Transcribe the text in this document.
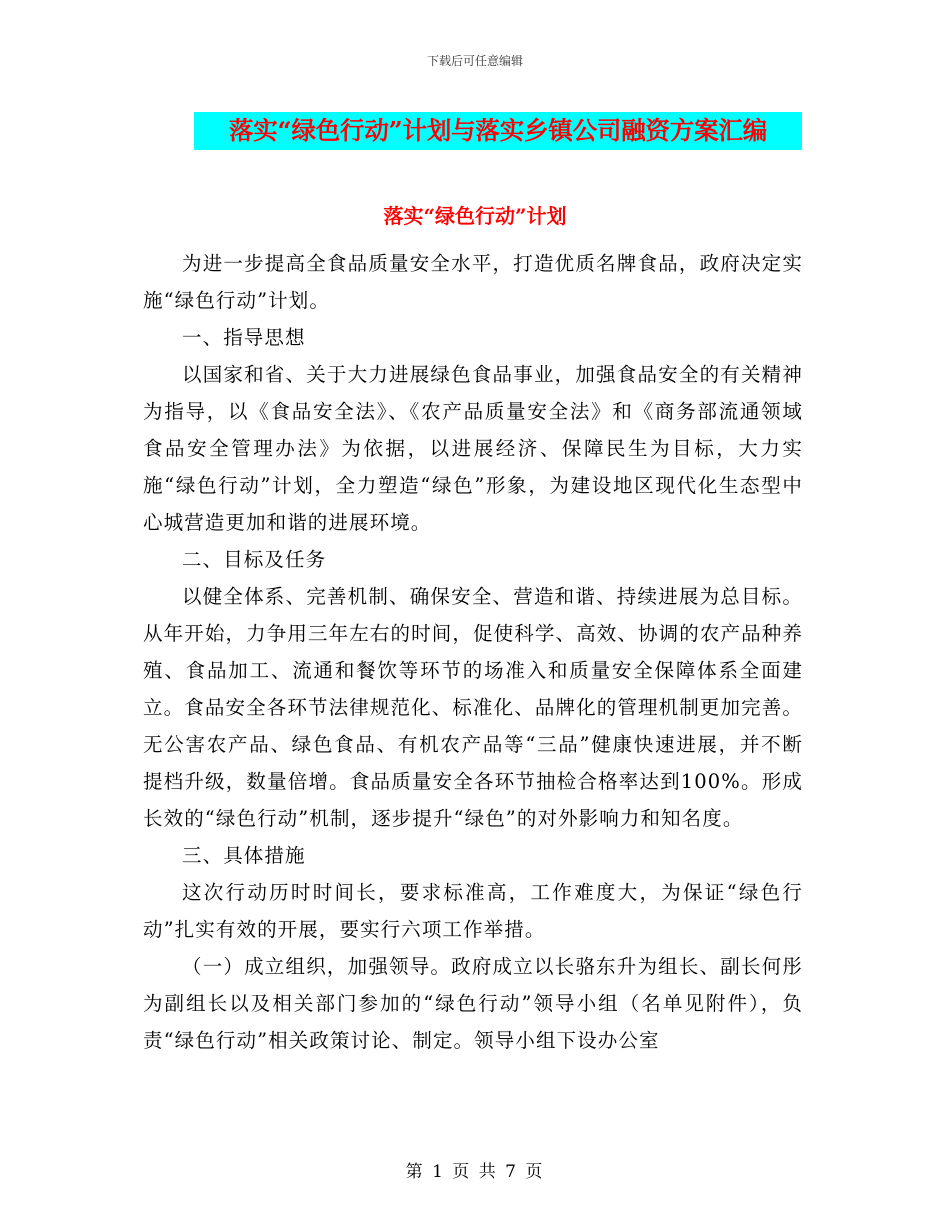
下载后可任意编辑
落实“绿色行动”计划与落实乡镇公司融资方案汇编
落实“绿色行动”计划

为进一步提高全食品质量安全水平，打造优质名牌食品，政府决定实施“绿色行动”计划。

一、指导思想

以国家和省、关于大力进展绿色食品事业，加强食品安全的有关精神为指导，以《食品安全法》、《农产品质量安全法》和《商务部流通领域食品安全管理办法》为依据，以进展经济、保障民生为目标，大力实施“绿色行动”计划，全力塑造“绿色”形象，为建设地区现代化生态型中心城营造更加和谐的进展环境。

二、目标及任务

以健全体系、完善机制、确保安全、营造和谐、持续进展为总目标。从年开始，力争用三年左右的时间，促使科学、高效、协调的农产品种养殖、食品加工、流通和餐饮等环节的场准入和质量安全保障体系全面建立。食品安全各环节法律规范化、标准化、品牌化的管理机制更加完善。无公害农产品、绿色食品、有机农产品等“三品”健康快速进展，并不断提档升级，数量倍增。食品质量安全各环节抽检合格率达到100%。形成长效的“绿色行动”机制，逐步提升“绿色”的对外影响力和知名度。

三、具体措施

这次行动历时时间长，要求标准高，工作难度大，为保证“绿色行动”扎实有效的开展，要实行六项工作举措。

（一）成立组织，加强领导。政府成立以长骆东升为组长、副长何彤为副组长以及相关部门参加的“绿色行动”领导小组（名单见附件），负责“绿色行动”相关政策讨论、制定。领导小组下设办公室

第 1 页 共 7 页
